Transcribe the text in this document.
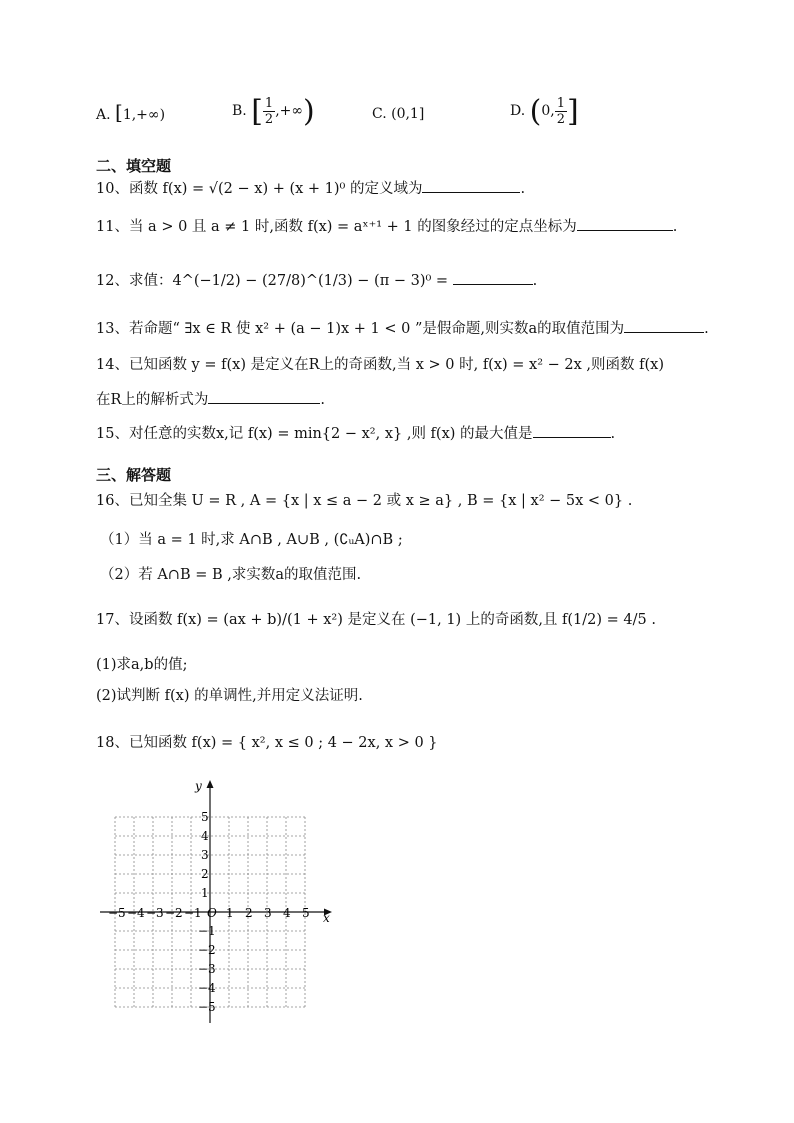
A. [1,+∞)	B. [ $\frac{1}{2}$ ,+∞)	C. (0,1]	D. (0, $\frac{1}{2}$ ]
二、填空题
10、函数 f(x) = √(2 − x) + (x + 1)⁰ 的定义域为	.
11、当 a > 0 且 a ≠ 1 时,函数 f(x) = aˣ⁺¹ + 1 的图象经过的定点坐标为	.
12、求值：4^(−1/2) − (27/8)^(1/3) − (π − 3)⁰ =	.
13、若命题“ ∃x ∈ R 使 x² + (a − 1)x + 1 < 0 ”是假命题,则实数a的取值范围为	.
14、已知函数 y = f(x) 是定义在R上的奇函数,当 x > 0 时, f(x) = x² − 2x ,则函数 f(x)
在R上的解析式为	.
15、对任意的实数x,记 f(x) = min{2 − x², x} ,则 f(x) 的最大值是	.
三、解答题
16、已知全集 U = R , A = {x | x ≤ a − 2 或 x ≥ a} , B = {x | x² − 5x < 0} .
（1）当 a = 1 时,求 A∩B , A∪B , (∁ᵤA)∩B ;
（2）若 A∩B = B ,求实数a的取值范围.
17、设函数 f(x) = (ax + b)/(1 + x²) 是定义在 (−1, 1) 上的奇函数,且 f(1/2) = 4/5 .
(1)求a,b的值;
(2)试判断 f(x) 的单调性,并用定义法证明.
18、已知函数 f(x) = { x², x ≤ 0 ; 4 − 2x, x > 0 }
x
y
O
−5 −4 −3 −2 −1 1 2 3 4 5
5
4
3
2
1
−1
−2
−3
−4
−5
